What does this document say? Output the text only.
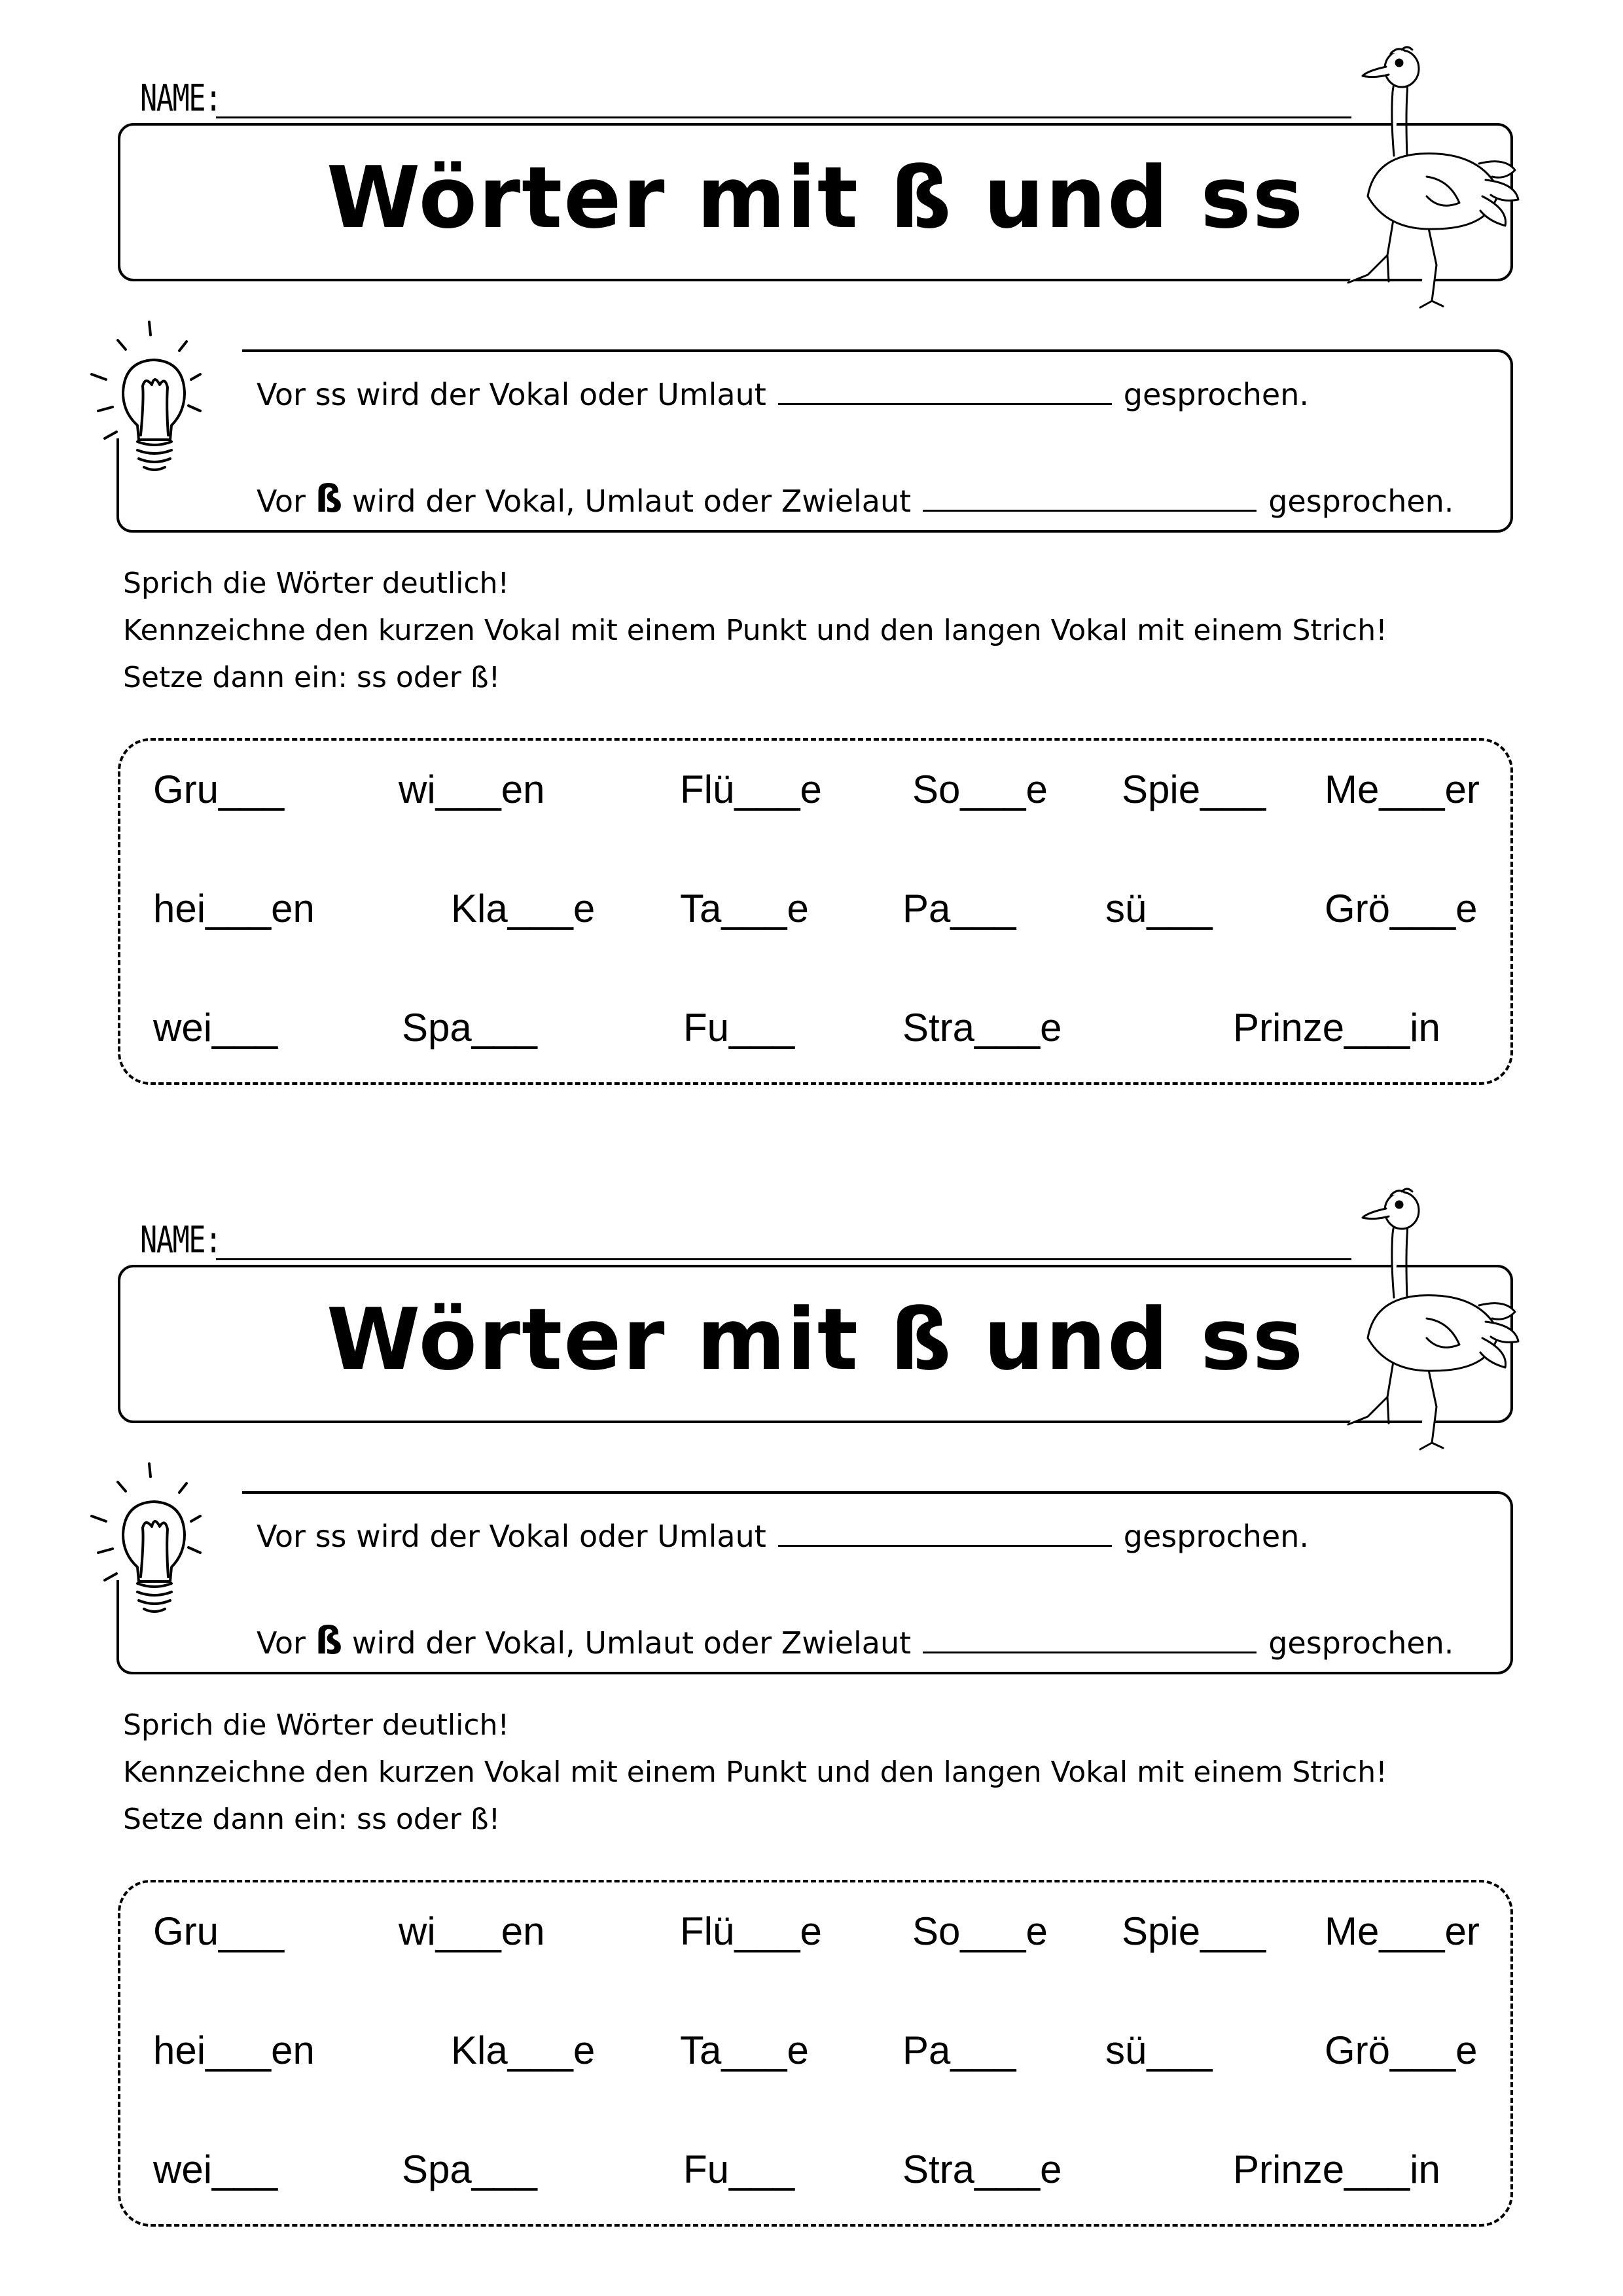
NAME:
Wörter mit ß und ss
Vor ss wird der Vokal oder Umlaut	gesprochen.
Vor ß wird der Vokal, Umlaut oder Zwielaut	gesprochen.
Sprich die Wörter deutlich!
Kennzeichne den kurzen Vokal mit einem Punkt und den langen Vokal mit einem Strich!
Setze dann ein: ss oder ß!
Gru___	wi___en	Flü___e So___e Spie___ Me___er
hei___en	Kla___e Ta___e Pa___ sü___	Grö___e
wei___	Spa___	Fu___	Stra___e	Prinze___in
NAME:
Wörter mit ß und ss
Vor ss wird der Vokal oder Umlaut	gesprochen.
Vor ß wird der Vokal, Umlaut oder Zwielaut	gesprochen.
Sprich die Wörter deutlich!
Kennzeichne den kurzen Vokal mit einem Punkt und den langen Vokal mit einem Strich!
Setze dann ein: ss oder ß!
Gru___	wi___en	Flü___e So___e Spie___ Me___er
hei___en	Kla___e Ta___e Pa___ sü___	Grö___e
wei___	Spa___	Fu___	Stra___e	Prinze___in
